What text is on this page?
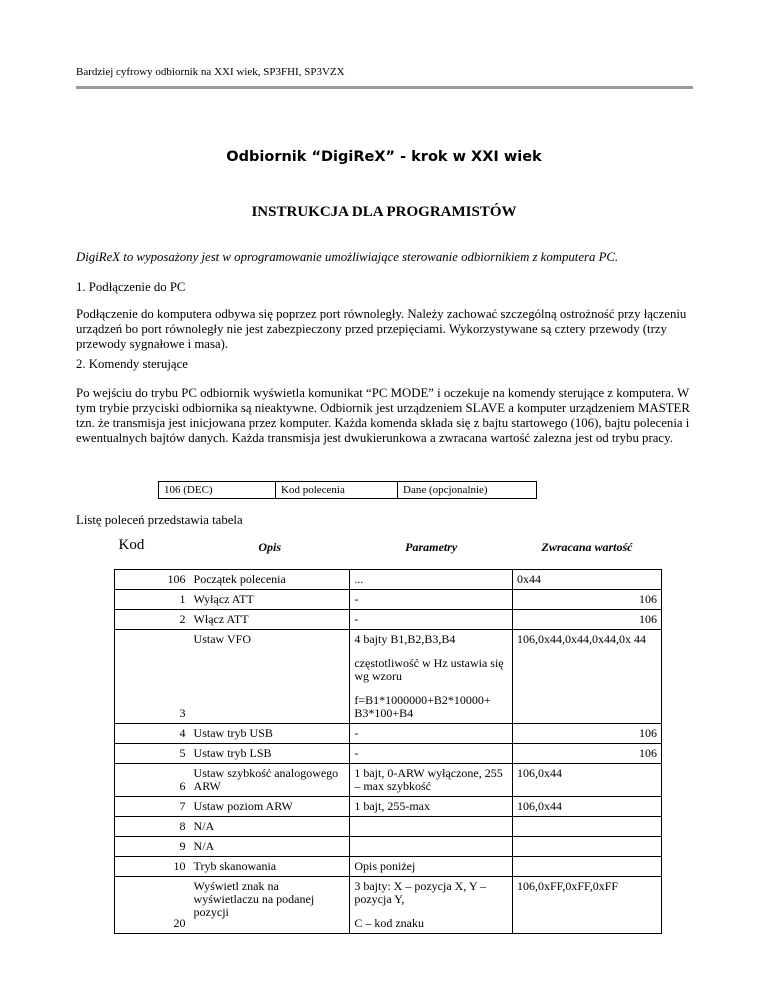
Bardziej cyfrowy odbiornik na XXI wiek, SP3FHI, SP3VZX
Odbiornik “DigiReX” - krok w XXI wiek
INSTRUKCJA DLA PROGRAMISTÓW
DigiReX to wyposażony jest w oprogramowanie umożliwiające sterowanie odbiornikiem z komputera PC.
1. Podłączenie do PC
Podłączenie do komputera odbywa się poprzez port równoległy. Należy zachować szczególną ostrożność przy łączeniu urządzeń bo port równoległy nie jest zabezpieczony przed przepięciami. Wykorzystywane są cztery przewody (trzy przewody sygnałowe i masa).
2. Komendy sterujące
Po wejściu do trybu PC odbiornik wyświetla komunikat “PC MODE” i oczekuje na komendy sterujące z komputera. W tym trybie przyciski odbiornika są nieaktywne. Odbiornik jest urządzeniem SLAVE a komputer urządzeniem MASTER tzn. że transmisja jest inicjowana przez komputer. Każda komenda składa się z bajtu startowego (106), bajtu polecenia i ewentualnych bajtów danych. Każda transmisja jest dwukierunkowa a zwracana wartość zalezna jest od trybu pracy.
106 (DEC)	Kod polecenia	Dane (opcjonalnie)
Listę poleceń przedstawia tabela
Kod	Opis	Parametry	Zwracana wartość
106	Początek polecenia	...	0x44
1	Wyłącz ATT	-	106
2	Włącz ATT	-	106
3	Ustaw VFO	4 bajty B1,B2,B3,B4

częstotliwość w Hz ustawia się wg wzoru

f=B1*1000000+B2*10000+ B3*100+B4	106,0x44,0x44,0x44,0x 44
4	Ustaw tryb USB	-	106
5	Ustaw tryb LSB	-	106
6	Ustaw szybkość analogowego ARW	1 bajt, 0-ARW wyłączone, 255 – max szybkość	106,0x44
7	Ustaw poziom ARW	1 bajt, 255-max	106,0x44
8	N/A		
9	N/A		
10	Tryb skanowania	Opis poniżej	
20	Wyświetl znak na wyświetlaczu na podanej pozycji	3 bajty: X – pozycja X, Y – pozycja Y,

C – kod znaku	106,0xFF,0xFF,0xFF
